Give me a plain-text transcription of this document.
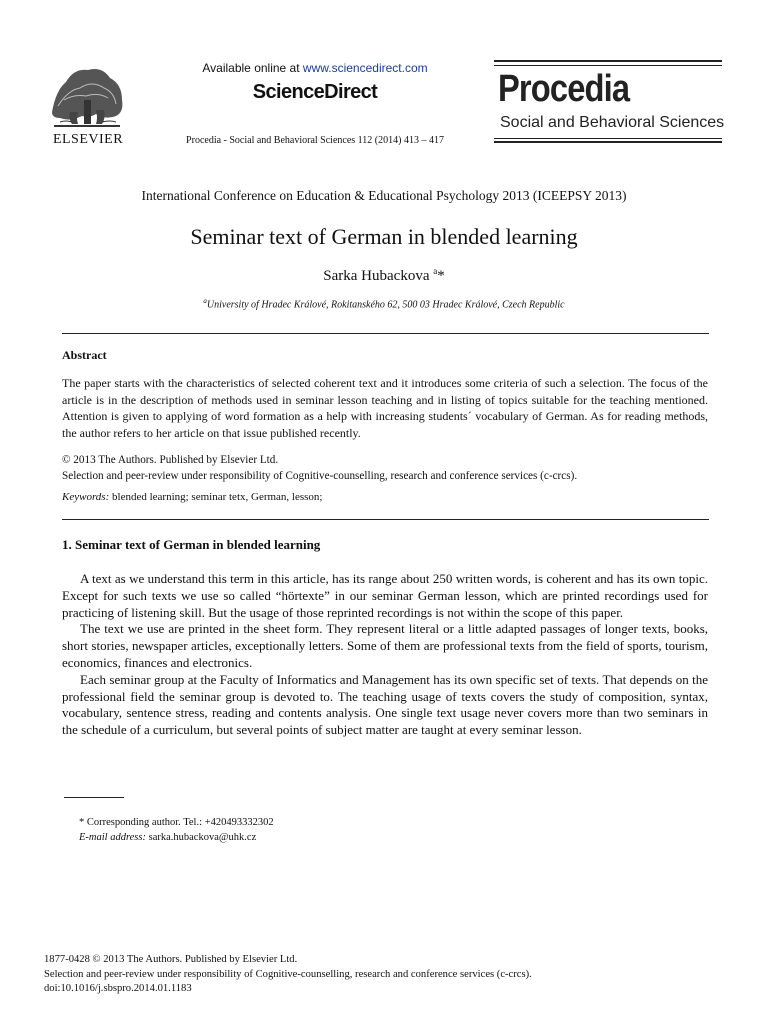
ELSEVIER
Available online at www.sciencedirect.com
ScienceDirect
Procedia - Social and Behavioral Sciences 112 (2014) 413 – 417
Procedia
Social and Behavioral Sciences
International Conference on Education & Educational Psychology 2013 (ICEEPSY 2013)
Seminar text of German in blended learning
Sarka Hubackova $^a$*
$^a$University of Hradec Králové, Rokitanského 62, 500 03 Hradec Králové, Czech Republic
Abstract
The paper starts with the characteristics of selected coherent text and it introduces some criteria of such a selection. The focus of the article is in the description of methods used in seminar lesson teaching and in listing of topics suitable for the teaching mentioned. Attention is given to applying of word formation as a help with increasing students´ vocabulary of German. As for reading methods, the author refers to her article on that issue published recently.
© 2013 The Authors. Published by Elsevier Ltd.
Selection and peer-review under responsibility of Cognitive-counselling, research and conference services (c-crcs).
Keywords: blended learning; seminar tetx, German, lesson;
1. Seminar text of German in blended learning

A text as we understand this term in this article, has its range about 250 written words, is coherent and has its own topic. Except for such texts we use so called “hörtexte” in our seminar German lesson, which are printed recordings used for practicing of listening skill. But the usage of those reprinted recordings is not within the scope of this paper.

The text we use are printed in the sheet form. They represent literal or a little adapted passages of longer texts, books, short stories, newspaper articles, exceptionally letters. Some of them are professional texts from the field of sports, tourism, economics, finances and electronics.

Each seminar group at the Faculty of Informatics and Management has its own specific set of texts. That depends on the professional field the seminar group is devoted to. The teaching usage of texts covers the study of composition, syntax, vocabulary, sentence stress, reading and contents analysis. One single text usage never covers more than two seminars in the schedule of a curriculum, but several points of subject matter are taught at every seminar lesson.

* Corresponding author. Tel.: +420493332302
E-mail address: sarka.hubackova@uhk.cz
1877-0428 © 2013 The Authors. Published by Elsevier Ltd.
Selection and peer-review under responsibility of Cognitive-counselling, research and conference services (c-crcs).
doi:10.1016/j.sbspro.2014.01.1183
